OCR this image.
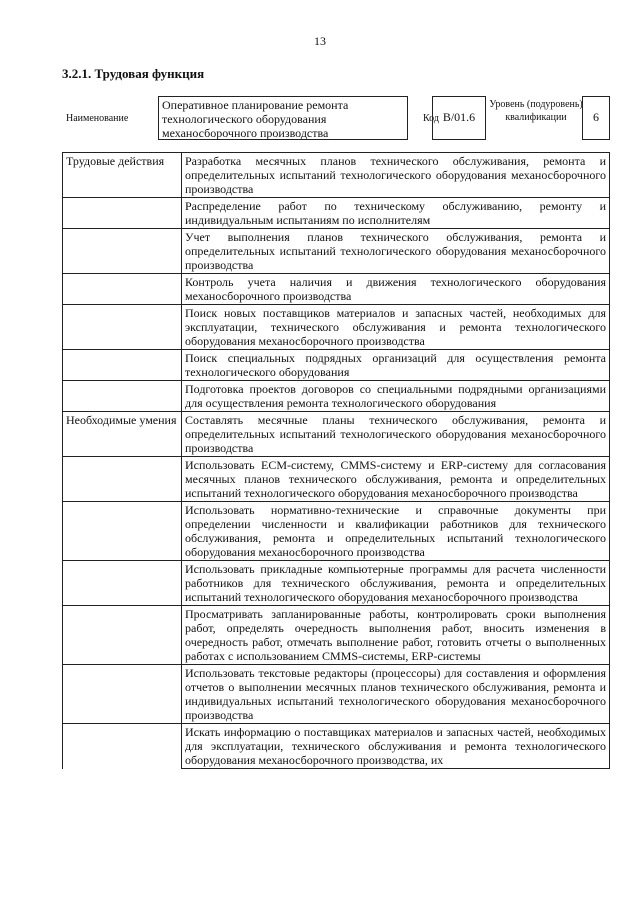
13
3.2.1. Трудовая функция
Наименование
Оперативное планирование ремонта технологического оборудования механосборочного производства
Код B/01.6
Уровень (подуровень) квалификации	6
Трудовые действия	Разработка месячных планов технического обслуживания, ремонта и определительных испытаний технологического оборудования механосборочного производства
	Распределение работ по техническому обслуживанию, ремонту и индивидуальным испытаниям по исполнителям
	Учет выполнения планов технического обслуживания, ремонта и определительных испытаний технологического оборудования механосборочного производства
	Контроль учета наличия и движения технологического оборудования механосборочного производства
	Поиск новых поставщиков материалов и запасных частей, необходимых для эксплуатации, технического обслуживания и ремонта технологического оборудования механосборочного производства
	Поиск специальных подрядных организаций для осуществления ремонта технологического оборудования
	Подготовка проектов договоров со специальными подрядными организациями для осуществления ремонта технологического оборудования
Необходимые умения	Составлять месячные планы технического обслуживания, ремонта и определительных испытаний технологического оборудования механосборочного производства
	Использовать ECM-систему, CMMS-систему и ERP-систему для согласования месячных планов технического обслуживания, ремонта и определительных испытаний технологического оборудования механосборочного производства
	Использовать нормативно-технические и справочные документы при определении численности и квалификации работников для технического обслуживания, ремонта и определительных испытаний технологического оборудования механосборочного производства
	Использовать прикладные компьютерные программы для расчета численности работников для технического обслуживания, ремонта и определительных испытаний технологического оборудования механосборочного производства
	Просматривать запланированные работы, контролировать сроки выполнения работ, определять очередность выполнения работ, вносить изменения в очередность работ, отмечать выполнение работ, готовить отчеты о выполненных работах с использованием CMMS-системы, ERP-системы
	Использовать текстовые редакторы (процессоры) для составления и оформления отчетов о выполнении месячных планов технического обслуживания, ремонта и индивидуальных испытаний технологического оборудования механосборочного производства
	Искать информацию о поставщиках материалов и запасных частей, необходимых для эксплуатации, технического обслуживания и ремонта технологического оборудования механосборочного производства, их
